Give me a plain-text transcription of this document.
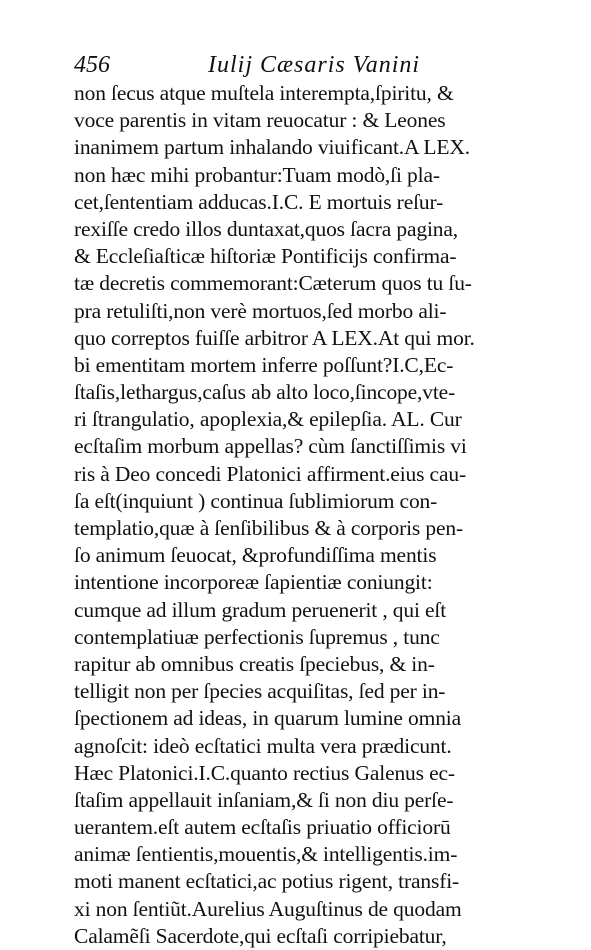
456	Iulij Cæsaris Vanini
non ſecus atque muſtela interempta,ſpiritu, &
voce parentis in vitam reuocatur : & Leones
inanimem partum inhalando viuificant.A LEX.
non hæc mihi probantur:Tuam modò,ſi pla-
cet,ſententiam adducas.I.C. E mortuis reſur-
rexiſſe credo illos duntaxat,quos ſacra pagina,
& Eccleſiaſticæ hiſtoriæ Pontificijs confirma-
tæ decretis commemorant:Cæterum quos tu ſu-
pra retuliſti,non verè mortuos,ſed morbo ali-
quo correptos fuiſſe arbitror A LEX.At qui mor.
bi ementitam mortem inferre poſſunt?I.C,Ec-
ſtaſis,lethargus,caſus ab alto loco,ſincope,vte-
ri ſtrangulatio, apoplexia,& epilepſia. AL. Cur
ecſtaſim morbum appellas? cùm ſanctiſſimis vi
ris à Deo concedi Platonici affirment.eius cau-
ſa eſt(inquiunt ) continua ſublimiorum con-
templatio,quæ à ſenſibilibus & à corporis pen-
ſo animum ſeuocat, &profundiſſima mentis
intentione incorporeæ ſapientiæ coniungit:
cumque ad illum gradum peruenerit , qui eſt
contemplatiuæ perfectionis ſupremus , tunc
rapitur ab omnibus creatis ſpeciebus, & in-
telligit non per ſpecies acquiſitas, ſed per in-
ſpectionem ad ideas, in quarum lumine omnia
agnoſcit: ideò ecſtatici multa vera prædicunt.
Hæc Platonici.I.C.quanto rectius Galenus ec-
ſtaſim appellauit inſaniam,& ſi non diu perſe-
uerantem.eſt autem ecſtaſis priuatio officiorū
animæ ſentientis,mouentis,& intelligentis.im-
moti manent ecſtatici,ac potius rigent, transfi-
xi non ſentiũt.Aurelius Auguſtinus de quodam
Calamẽſi Sacerdote,qui ecſtaſi corripiebatur,
